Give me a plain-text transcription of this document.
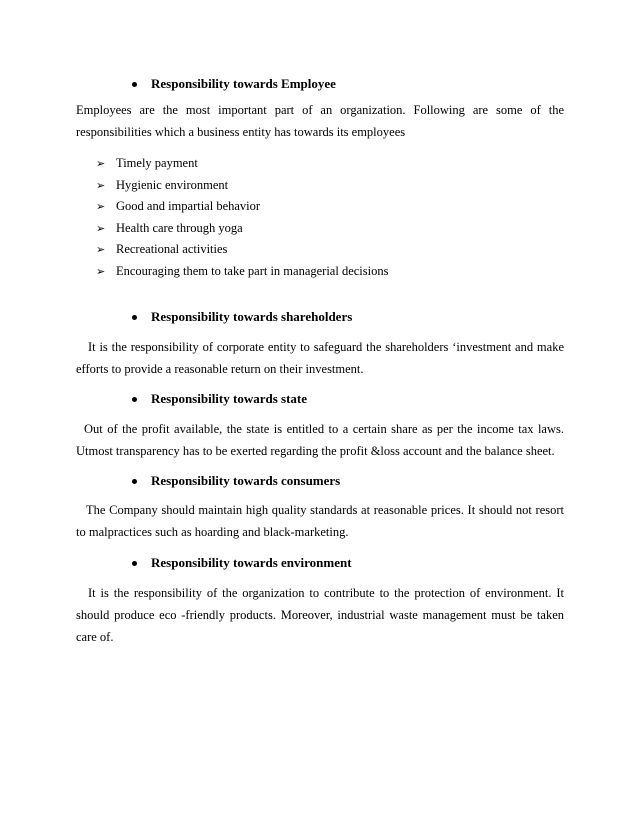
Responsibility towards Employee

Employees are the most important part of an organization. Following are some of the responsibilities which a business entity has towards its employees

➢ Timely payment
➢ Hygienic environment
➢ Good and impartial behavior
➢ Health care through yoga
➢ Recreational activities
➢ Encouraging them to take part in managerial decisions
Responsibility towards shareholders

It is the responsibility of corporate entity to safeguard the shareholders ‘investment and make efforts to provide a reasonable return on their investment.

Responsibility towards state

Out of the profit available, the state is entitled to a certain share as per the income tax laws. Utmost transparency has to be exerted regarding the profit &loss account and the balance sheet.

Responsibility towards consumers

The Company should maintain high quality standards at reasonable prices. It should not resort to malpractices such as hoarding and black-marketing.

Responsibility towards environment

It is the responsibility of the organization to contribute to the protection of environment. It should produce eco -friendly products. Moreover, industrial waste management must be taken care of.
